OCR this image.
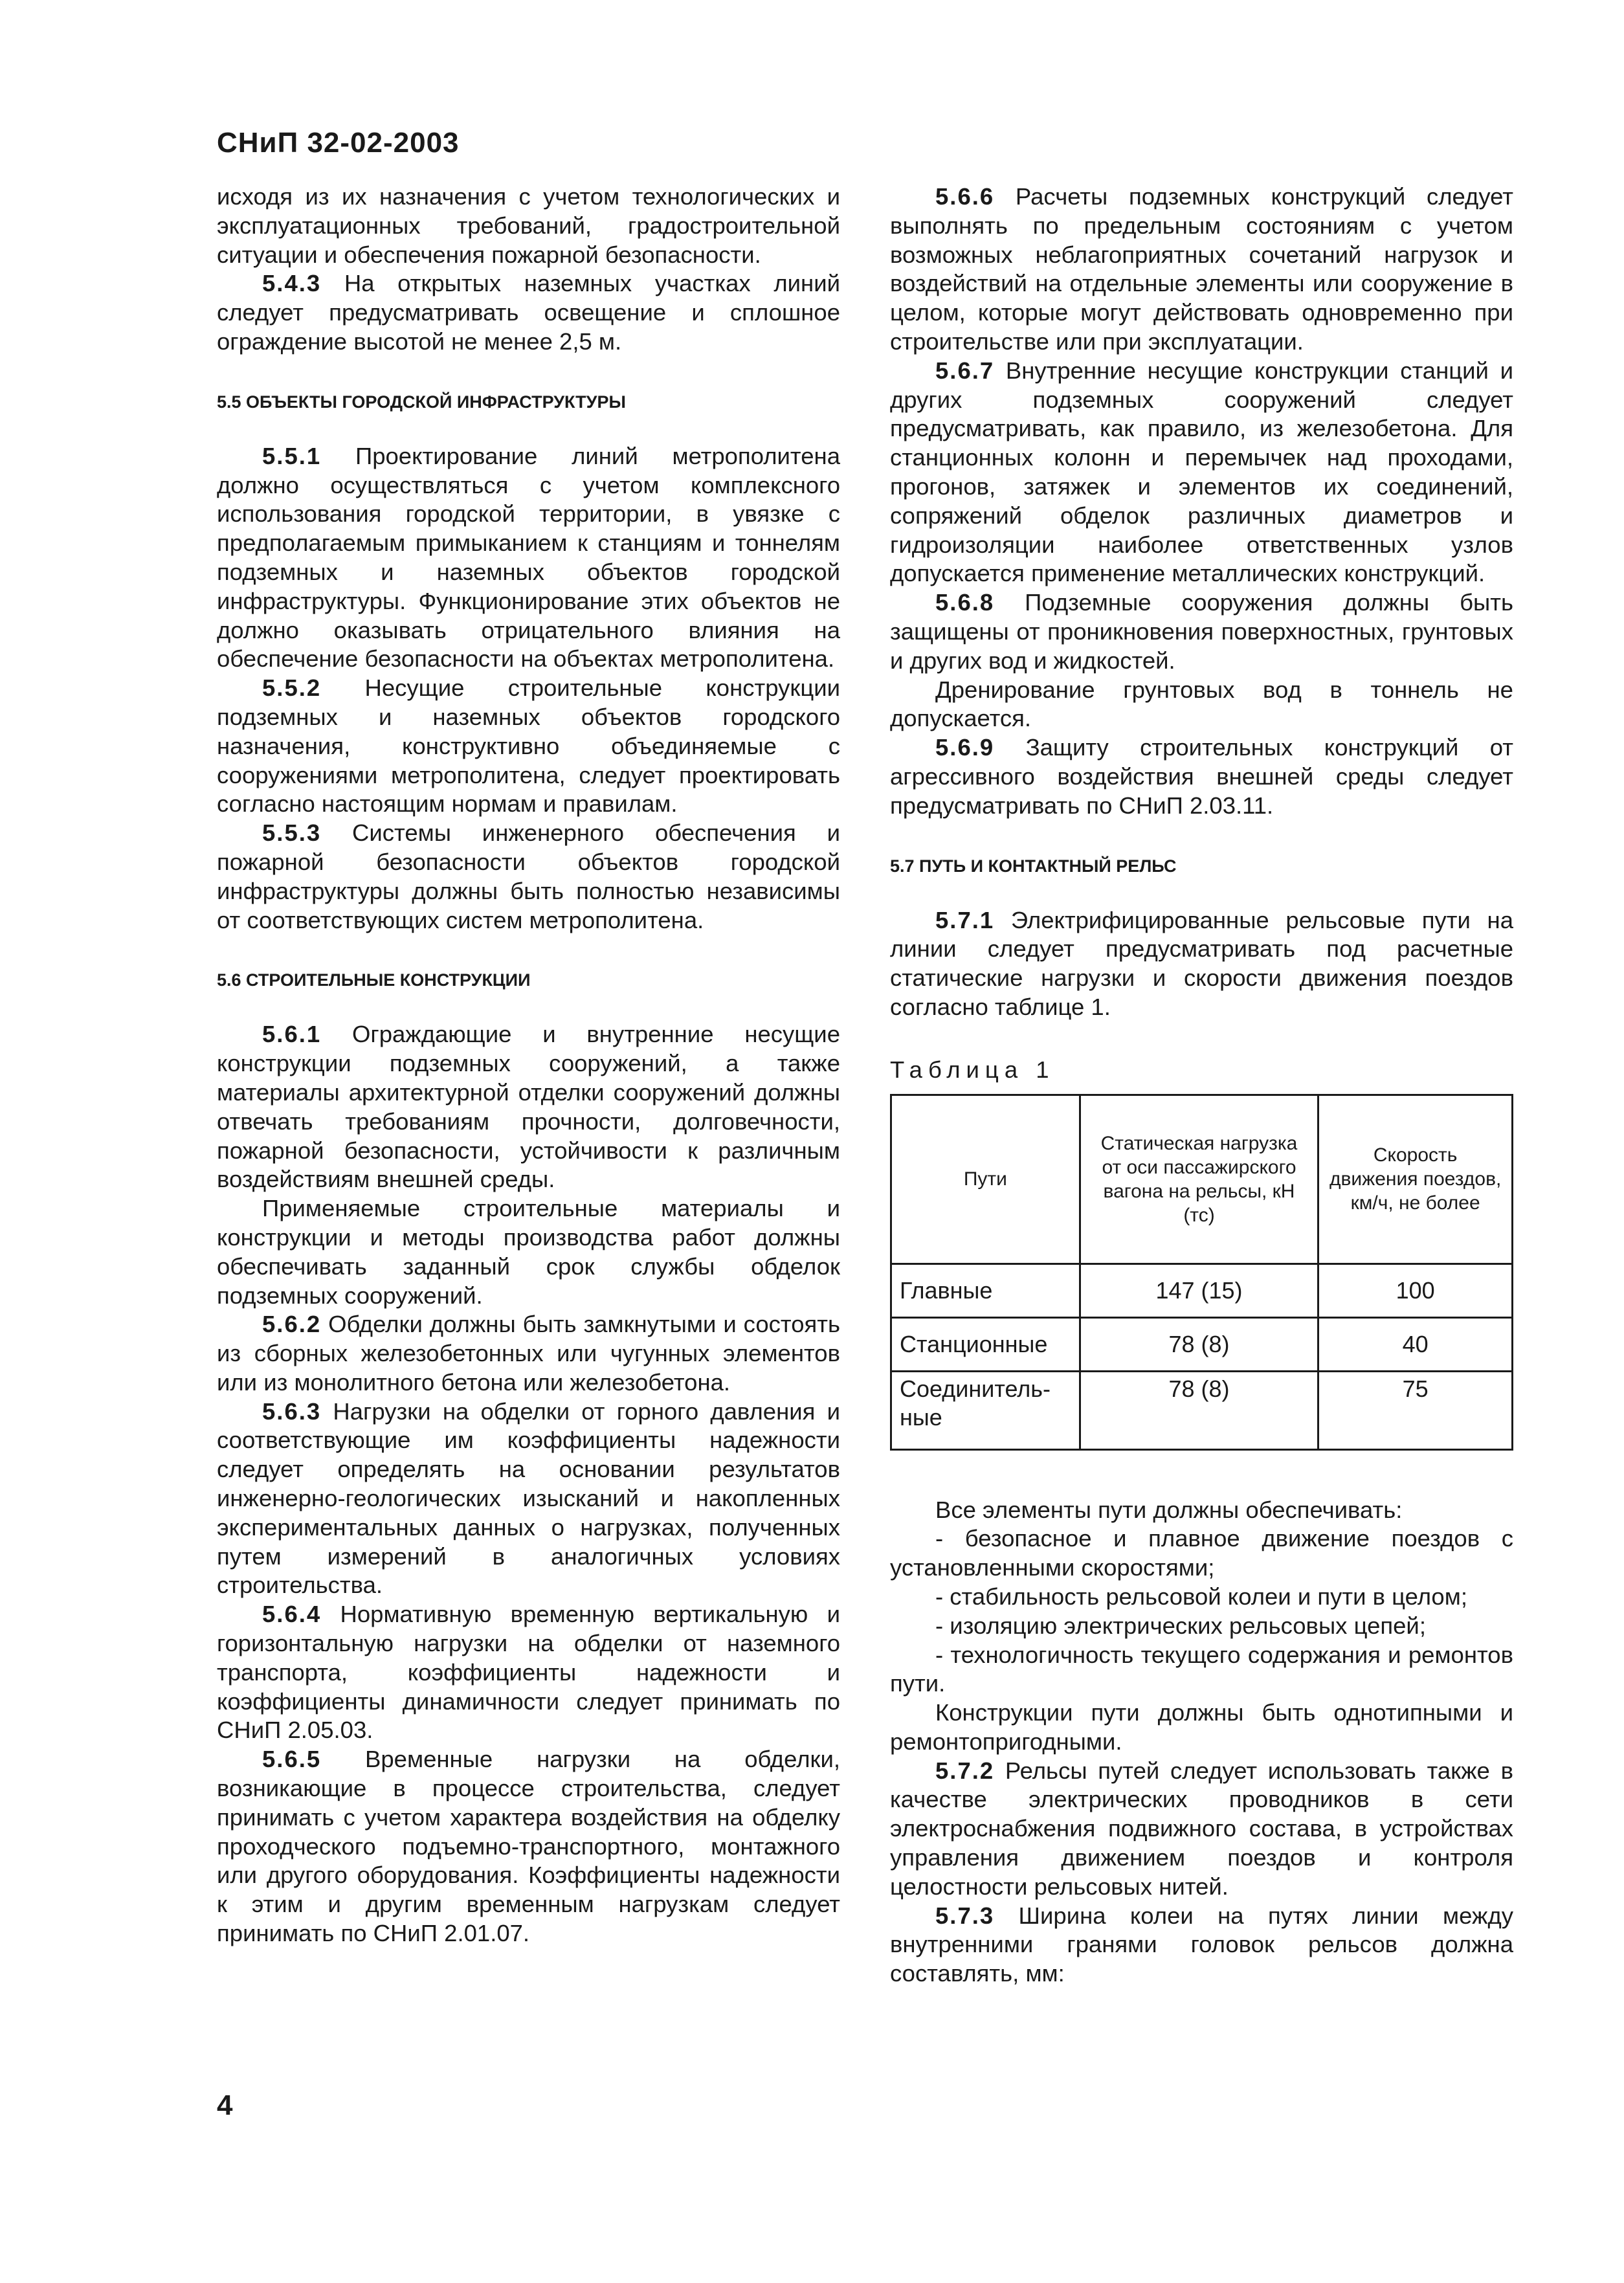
СНиП 32-02-2003

исходя из их назначения с учетом технологических и эксплуатационных требований, градостроительной ситуации и обеспечения пожарной безопасности.

5.4.3 На открытых наземных участках линий следует предусматривать освещение и сплошное ограждение высотой не менее 2,5 м.

5.5 ОБЪЕКТЫ ГОРОДСКОЙ ИНФРАСТРУКТУРЫ

5.5.1 Проектирование линий метрополитена должно осуществляться с учетом комплексного использования городской территории, в увязке с предполагаемым примыканием к станциям и тоннелям подземных и наземных объектов городской инфраструктуры. Функционирование этих объектов не должно оказывать отрицательного влияния на обеспечение безопасности на объектах метрополитена.

5.5.2 Несущие строительные конструкции подземных и наземных объектов городского назначения, конструктивно объединяемые с сооружениями метрополитена, следует проектировать согласно настоящим нормам и правилам.

5.5.3 Системы инженерного обеспечения и пожарной безопасности объектов городской инфраструктуры должны быть полностью независимы от соответствующих систем метрополитена.

5.6 СТРОИТЕЛЬНЫЕ КОНСТРУКЦИИ

5.6.1 Ограждающие и внутренние несущие конструкции подземных сооружений, а также материалы архитектурной отделки сооружений должны отвечать требованиям прочности, долговечности, пожарной безопасности, устойчивости к различным воздействиям внешней среды.

Применяемые строительные материалы и конструкции и методы производства работ должны обеспечивать заданный срок службы обделок подземных сооружений.

5.6.2 Обделки должны быть замкнутыми и состоять из сборных железобетонных или чугунных элементов или из монолитного бетона или железобетона.

5.6.3 Нагрузки на обделки от горного давления и соответствующие им коэффициенты надежности следует определять на основании результатов инженерно-геологических изысканий и накопленных экспериментальных данных о нагрузках, полученных путем измерений в аналогичных условиях строительства.

5.6.4 Нормативную временную вертикальную и горизонтальную нагрузки на обделки от наземного транспорта, коэффициенты надежности и коэффициенты динамичности следует принимать по СНиП 2.05.03.

5.6.5 Временные нагрузки на обделки, возникающие в процессе строительства, следует принимать с учетом характера воздействия на обделку проходческого подъемно-транспортного, монтажного или другого оборудования. Коэффициенты надежности к этим и другим временным нагрузкам следует принимать по СНиП 2.01.07.

5.6.6 Расчеты подземных конструкций следует выполнять по предельным состояниям с учетом возможных неблагоприятных сочетаний нагрузок и воздействий на отдельные элементы или сооружение в целом, которые могут действовать одновременно при строительстве или при эксплуатации.

5.6.7 Внутренние несущие конструкции станций и других подземных сооружений следует предусматривать, как правило, из железобетона. Для станционных колонн и перемычек над проходами, прогонов, затяжек и элементов их соединений, сопряжений обделок различных диаметров и гидроизоляции наиболее ответственных узлов допускается применение металлических конструкций.

5.6.8 Подземные сооружения должны быть защищены от проникновения поверхностных, грунтовых и других вод и жидкостей.

Дренирование грунтовых вод в тоннель не допускается.

5.6.9 Защиту строительных конструкций от агрессивного воздействия внешней среды следует предусматривать по СНиП 2.03.11.

5.7 ПУТЬ И КОНТАКТНЫЙ РЕЛЬС

5.7.1 Электрифицированные рельсовые пути на линии следует предусматривать под расчетные статические нагрузки и скорости движения поездов согласно таблице 1.

Таблица 1

Пути	Статическая нагрузка от оси пассажирского вагона на рельсы, кН (тс)	Скорость движения поездов, км/ч, не более
Главные	147 (15)	100
Станционные	78 (8)	40
Соединитель-ные	78 (8)	75

Все элементы пути должны обеспечивать:

- безопасное и плавное движение поездов с установленными скоростями;

- стабильность рельсовой колеи и пути в целом;

- изоляцию электрических рельсовых цепей;

- технологичность текущего содержания и ремонтов пути.

Конструкции пути должны быть однотипными и ремонтопригодными.

5.7.2 Рельсы путей следует использовать также в качестве электрических проводников в сети электроснабжения подвижного состава, в устройствах управления движением поездов и контроля целостности рельсовых нитей.

5.7.3 Ширина колеи на путях линии между внутренними гранями головок рельсов должна составлять, мм:

4
